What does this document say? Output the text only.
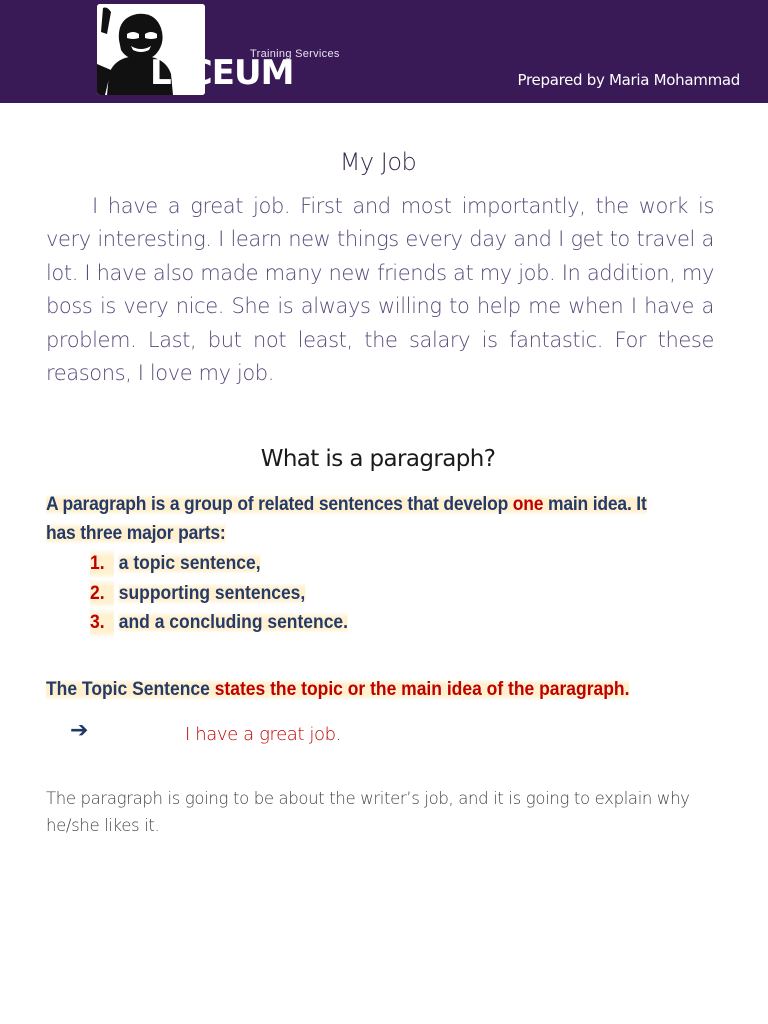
Training Services
LYCEUM	Prepared by Maria Mohammad
My Job

I have a great job. First and most importantly, the work is very interesting. I learn new things every day and I get to travel a lot. I have also made many new friends at my job. In addition, my boss is very nice. She is always willing to help me when I have a problem. Last, but not least, the salary is fantastic. For these reasons, I love my job.

What is a paragraph?

A paragraph is a group of related sentences that develop one main idea. It has three major parts:

1. a topic sentence,
2. supporting sentences,
3. and a concluding sentence.

The Topic Sentence states the topic or the main idea of the paragraph.

➔	I have a great job.

The paragraph is going to be about the writer’s job, and it is going to explain why he/she likes it.
